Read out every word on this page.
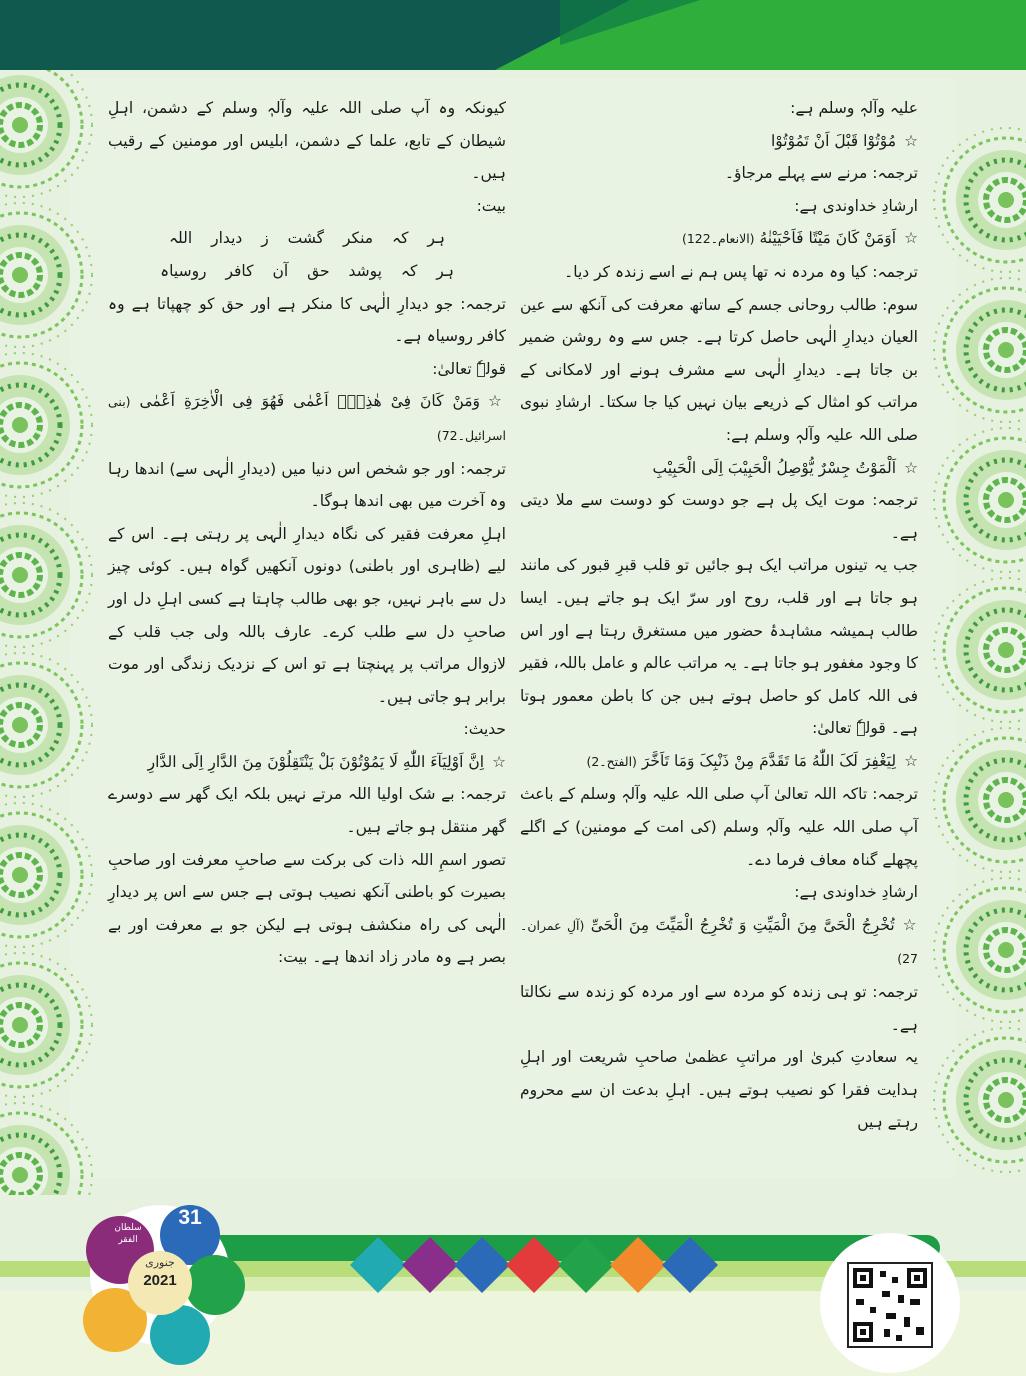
علیہ وآلہٖ وسلم ہے:

☆مُوْتُوْا قَبْلَ اَنْ تَمُوْتُوْا

ترجمہ: مرنے سے پہلے مرجاؤ۔

ارشادِ خداوندی ہے:

☆اَوَمَنْ کَانَ مَیْتًا فَاَحْیَیْنٰهُ (الانعام۔122)

ترجمہ: کیا وہ مردہ نہ تھا پس ہم نے اسے زندہ کر دیا۔

سوم: طالب روحانی جسم کے ساتھ معرفت کی آنکھ سے عین العیان دیدارِ الٰہی حاصل کرتا ہے۔ جس سے وہ روشن ضمیر بن جاتا ہے۔ دیدارِ الٰہی سے مشرف ہونے اور لامکانی کے مراتب کو امثال کے ذریعے بیان نہیں کیا جا سکتا۔ ارشادِ نبوی صلی اللہ علیہ وآلہٖ وسلم ہے:

☆اَلْمَوْتُ جِسْرٌ یُّوْصِلُ الْحَبِیْبَ اِلَی الْحَبِیْبِ

ترجمہ: موت ایک پل ہے جو دوست کو دوست سے ملا دیتی ہے۔

جب یہ تینوں مراتب ایک ہو جائیں تو قلب قبرِ قبور کی مانند ہو جاتا ہے اور قلب، روح اور سرّ ایک ہو جاتے ہیں۔ ایسا طالب ہمیشہ مشاہدۂ حضور میں مستغرق رہتا ہے اور اس کا وجود مغفور ہو جاتا ہے۔ یہ مراتب عالم و عامل باللہ، فقیر فی اللہ کامل کو حاصل ہوتے ہیں جن کا باطن معمور ہوتا ہے۔ قولہٗ تعالیٰ:

☆لِیَغْفِرَ لَکَ اللّٰهُ مَا تَقَدَّمَ مِنْ ذَنْبِکَ وَمَا تَاَخَّرَ (الفتح۔2)

ترجمہ: تاکہ اللہ تعالیٰ آپ صلی اللہ علیہ وآلہٖ وسلم کے باعث آپ صلی اللہ علیہ وآلہٖ وسلم (کی امت کے مومنین) کے اگلے پچھلے گناہ معاف فرما دے۔

ارشادِ خداوندی ہے:

☆تُخْرِجُ الْحَیَّ مِنَ الْمَیِّتِ وَ تُخْرِجُ الْمَیِّتَ مِنَ الْحَیِّ (آلِ عمران۔27)

ترجمہ: تو ہی زندہ کو مردہ سے اور مردہ کو زندہ سے نکالتا ہے۔

یہ سعادتِ کبریٰ اور مراتبِ عظمیٰ صاحبِ شریعت اور اہلِ ہدایت فقرا کو نصیب ہوتے ہیں۔ اہلِ بدعت ان سے محروم رہتے ہیں

کیونکہ وہ آپ صلی اللہ علیہ وآلہٖ وسلم کے دشمن، اہلِ شیطان کے تابع، علما کے دشمن، ابلیس اور مومنین کے رقیب ہیں۔

بیت:

ہر کہ منکر گشت ز دیدار اللہ

ہر کہ پوشد حق آن کافر روسیاہ

ترجمہ: جو دیدارِ الٰہی کا منکر ہے اور حق کو چھپاتا ہے وہ کافر روسیاہ ہے۔

قولہٗ تعالیٰ:

☆وَمَنْ کَانَ فِیْ هٰذِهٖۤ اَعْمٰی فَهُوَ فِی الْاٰخِرَةِ اَعْمٰی (بنی اسرائیل۔72)

ترجمہ: اور جو شخص اس دنیا میں (دیدارِ الٰہی سے) اندھا رہا وہ آخرت میں بھی اندھا ہوگا۔

اہلِ معرفت فقیر کی نگاہ دیدارِ الٰہی پر رہتی ہے۔ اس کے لیے (ظاہری اور باطنی) دونوں آنکھیں گواہ ہیں۔ کوئی چیز دل سے باہر نہیں، جو بھی طالب چاہتا ہے کسی اہلِ دل اور صاحبِ دل سے طلب کرے۔ عارف باللہ ولی جب قلب کے لازوال مراتب پر پہنچتا ہے تو اس کے نزدیک زندگی اور موت برابر ہو جاتی ہیں۔

حدیث:

☆اِنَّ اَوْلِیَآءَ اللّٰهِ لَا یَمُوْتُوْنَ بَلْ یَنْتَقِلُوْنَ مِنَ الدَّارِ اِلَی الدَّارِ

ترجمہ: بے شک اولیا اللہ مرتے نہیں بلکہ ایک گھر سے دوسرے گھر منتقل ہو جاتے ہیں۔

تصور اسمِ اللہ ذات کی برکت سے صاحبِ معرفت اور صاحبِ بصیرت کو باطنی آنکھ نصیب ہوتی ہے جس سے اس پر دیدارِ الٰہی کی راہ منکشف ہوتی ہے لیکن جو بے معرفت اور بے بصر ہے وہ مادر زاد اندھا ہے۔ بیت:

سلطان الفقر
31
جنوری
2021
